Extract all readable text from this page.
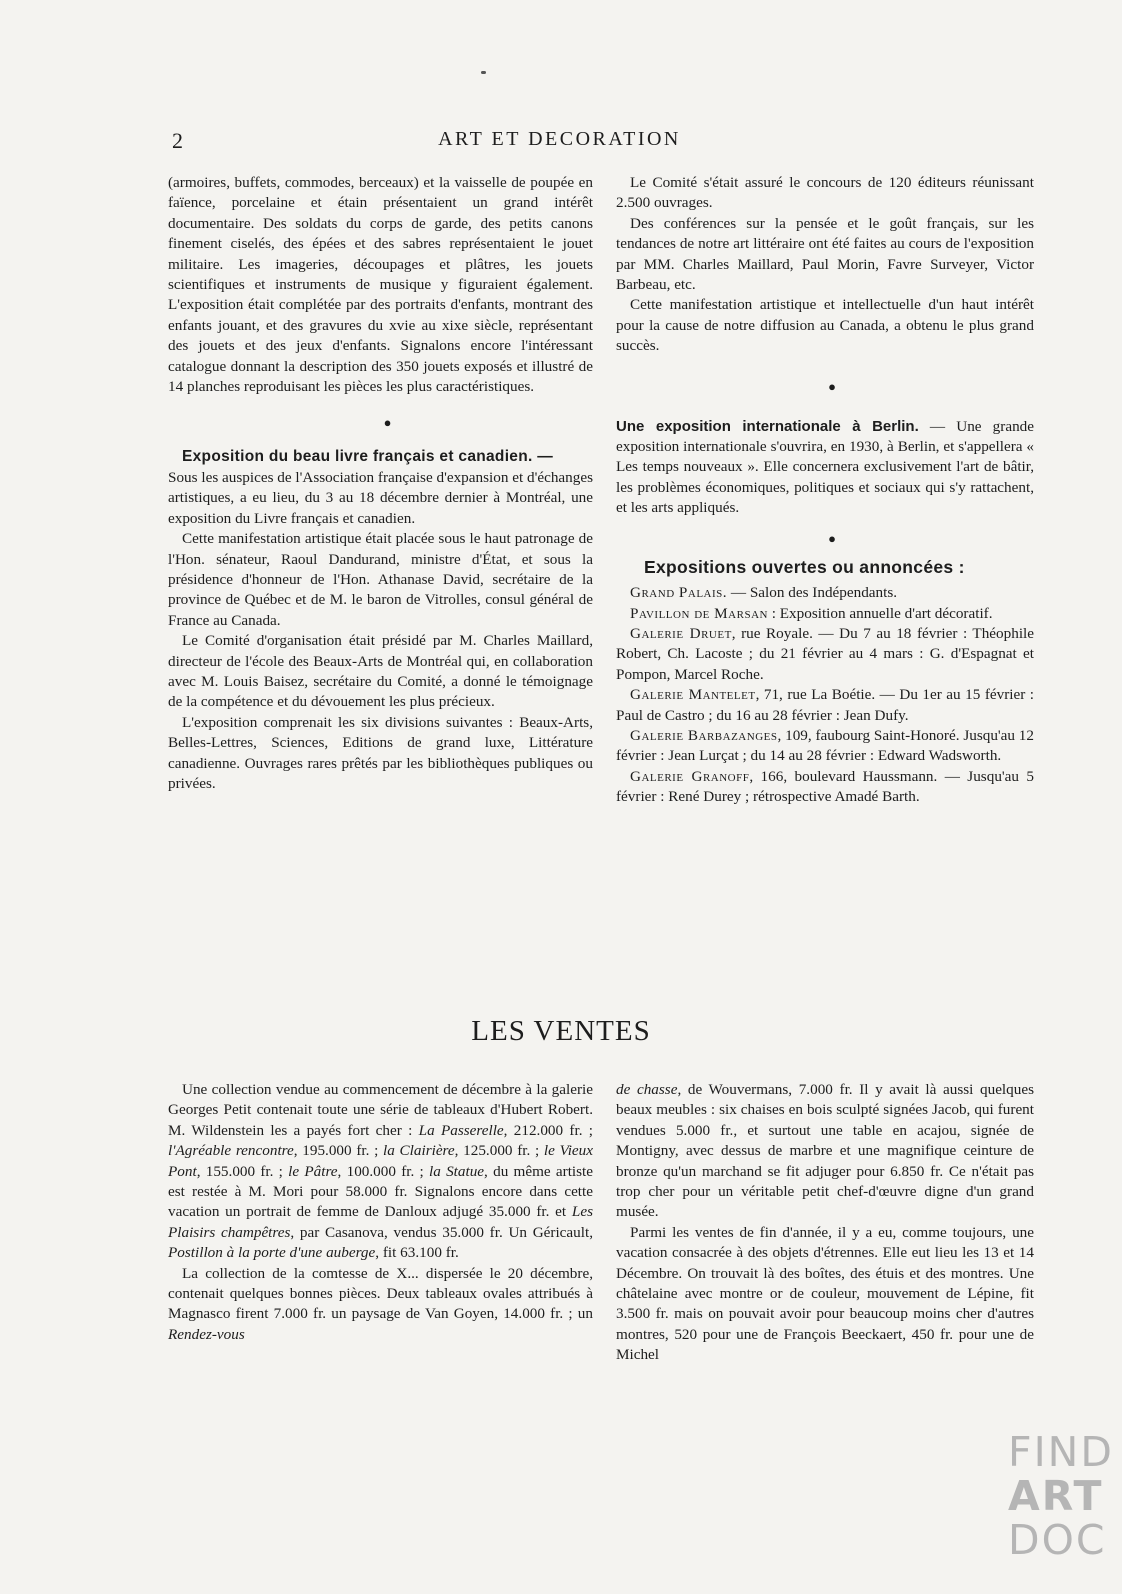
2	ART ET DECORATION

(armoires, buffets, commodes, berceaux) et la vaisselle de poupée en faïence, porcelaine et étain présentaient un grand intérêt documentaire. Des soldats du corps de garde, des petits canons finement ciselés, des épées et des sabres représentaient le jouet militaire. Les imageries, découpages et plâtres, les jouets scientifiques et instruments de musique y figuraient également. L'exposition était complétée par des portraits d'enfants, montrant des enfants jouant, et des gravures du xvie au xixe siècle, représentant des jouets et des jeux d'enfants. Signalons encore l'intéressant catalogue donnant la description des 350 jouets exposés et illustré de 14 planches reproduisant les pièces les plus caractéristiques.

●

Exposition du beau livre français et canadien. —

Sous les auspices de l'Association française d'expansion et d'échanges artistiques, a eu lieu, du 3 au 18 décembre dernier à Montréal, une exposition du Livre français et canadien.

Cette manifestation artistique était placée sous le haut patronage de l'Hon. sénateur, Raoul Dandurand, ministre d'État, et sous la présidence d'honneur de l'Hon. Athanase David, secrétaire de la province de Québec et de M. le baron de Vitrolles, consul général de France au Canada.

Le Comité d'organisation était présidé par M. Charles Maillard, directeur de l'école des Beaux-Arts de Montréal qui, en collaboration avec M. Louis Baisez, secrétaire du Comité, a donné le témoignage de la compétence et du dévouement les plus précieux.

L'exposition comprenait les six divisions suivantes : Beaux-Arts, Belles-Lettres, Sciences, Editions de grand luxe, Littérature canadienne. Ouvrages rares prêtés par les bibliothèques publiques ou privées.

Le Comité s'était assuré le concours de 120 éditeurs réunissant 2.500 ouvrages.

Des conférences sur la pensée et le goût français, sur les tendances de notre art littéraire ont été faites au cours de l'exposition par MM. Charles Maillard, Paul Morin, Favre Surveyer, Victor Barbeau, etc.

Cette manifestation artistique et intellectuelle d'un haut intérêt pour la cause de notre diffusion au Canada, a obtenu le plus grand succès.

●

Une exposition internationale à Berlin. — Une grande exposition internationale s'ouvrira, en 1930, à Berlin, et s'appellera « Les temps nouveaux ». Elle concernera exclusivement l'art de bâtir, les problèmes économiques, politiques et sociaux qui s'y rattachent, et les arts appliqués.

●

Expositions ouvertes ou annoncées :

Grand Palais. — Salon des Indépendants.

Pavillon de Marsan : Exposition annuelle d'art décoratif.

Galerie Druet, rue Royale. — Du 7 au 18 février : Théophile Robert, Ch. Lacoste ; du 21 février au 4 mars : G. d'Espagnat et Pompon, Marcel Roche.

Galerie Mantelet, 71, rue La Boétie. — Du 1er au 15 février : Paul de Castro ; du 16 au 28 février : Jean Dufy.

Galerie Barbazanges, 109, faubourg Saint-Honoré. Jusqu'au 12 février : Jean Lurçat ; du 14 au 28 février : Edward Wadsworth.

Galerie Granoff, 166, boulevard Haussmann. — Jusqu'au 5 février : René Durey ; rétrospective Amadé Barth.

LES VENTES

Une collection vendue au commencement de décembre à la galerie Georges Petit contenait toute une série de tableaux d'Hubert Robert. M. Wildenstein les a payés fort cher : La Passerelle, 212.000 fr. ; l'Agréable rencontre, 195.000 fr. ; la Clairière, 125.000 fr. ; le Vieux Pont, 155.000 fr. ; le Pâtre, 100.000 fr. ; la Statue, du même artiste est restée à M. Mori pour 58.000 fr. Signalons encore dans cette vacation un portrait de femme de Danloux adjugé 35.000 fr. et Les Plaisirs champêtres, par Casanova, vendus 35.000 fr. Un Géricault, Postillon à la porte d'une auberge, fit 63.100 fr.

La collection de la comtesse de X... dispersée le 20 décembre, contenait quelques bonnes pièces. Deux tableaux ovales attribués à Magnasco firent 7.000 fr. un paysage de Van Goyen, 14.000 fr. ; un Rendez-vous

de chasse, de Wouvermans, 7.000 fr. Il y avait là aussi quelques beaux meubles : six chaises en bois sculpté signées Jacob, qui furent vendues 5.000 fr., et surtout une table en acajou, signée de Montigny, avec dessus de marbre et une magnifique ceinture de bronze qu'un marchand se fit adjuger pour 6.850 fr. Ce n'était pas trop cher pour un véritable petit chef-d'œuvre digne d'un grand musée.

Parmi les ventes de fin d'année, il y a eu, comme toujours, une vacation consacrée à des objets d'étrennes. Elle eut lieu les 13 et 14 Décembre. On trouvait là des boîtes, des étuis et des montres. Une châtelaine avec montre or de couleur, mouvement de Lépine, fit 3.500 fr. mais on pouvait avoir pour beaucoup moins cher d'autres montres, 520 pour une de François Beeckaert, 450 fr. pour une de Michel

FIND
ART
DOC
